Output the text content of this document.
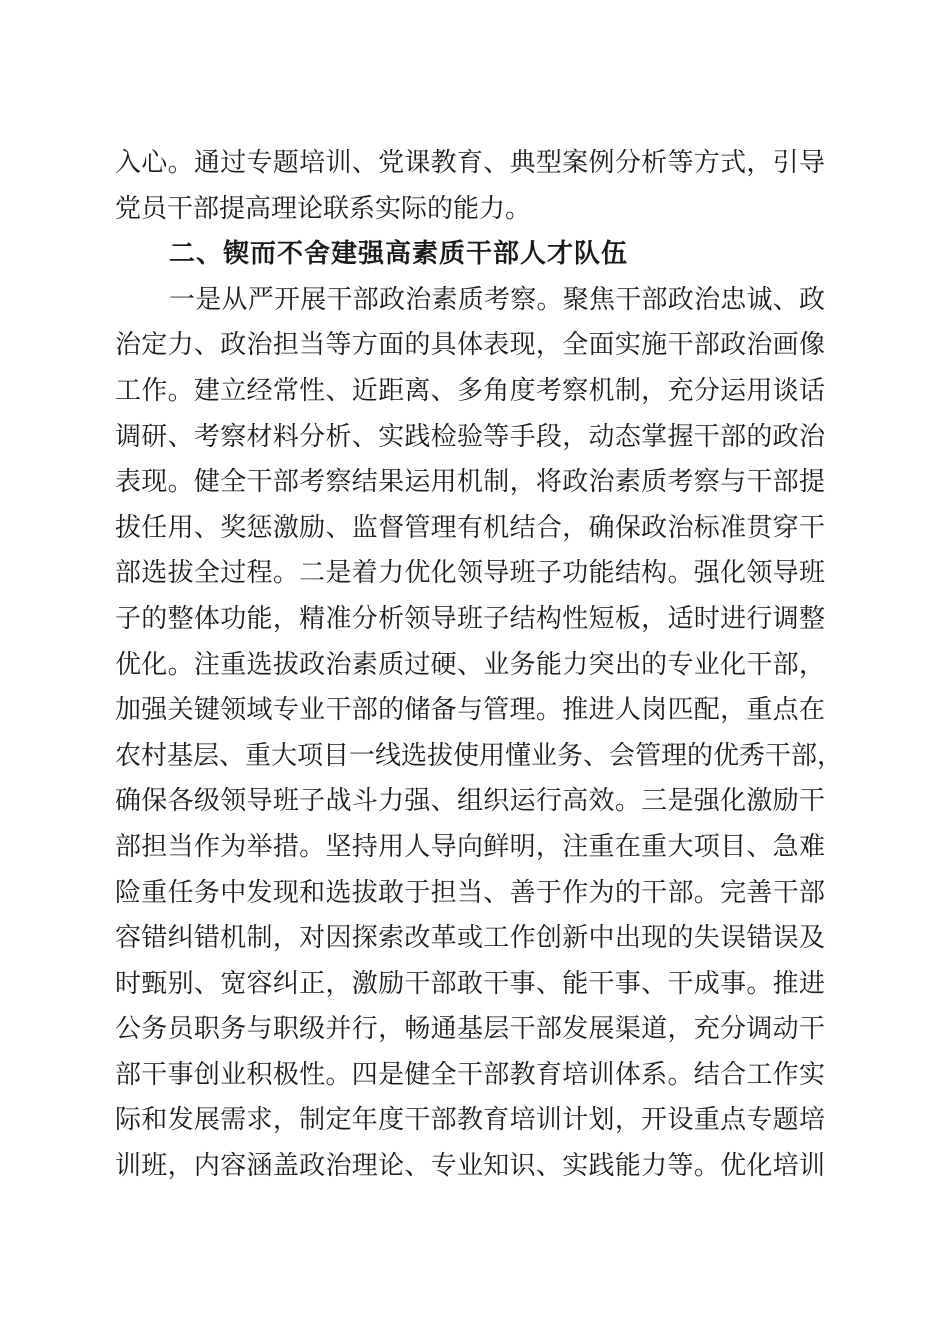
入心。通过专题培训、党课教育、典型案例分析等方式，引导
党员干部提高理论联系实际的能力。
二、锲而不舍建强高素质干部人才队伍
一是从严开展干部政治素质考察。聚焦干部政治忠诚、政
治定力、政治担当等方面的具体表现，全面实施干部政治画像
工作。建立经常性、近距离、多角度考察机制，充分运用谈话
调研、考察材料分析、实践检验等手段，动态掌握干部的政治
表现。健全干部考察结果运用机制，将政治素质考察与干部提
拔任用、奖惩激励、监督管理有机结合，确保政治标准贯穿干
部选拔全过程。二是着力优化领导班子功能结构。强化领导班
子的整体功能，精准分析领导班子结构性短板，适时进行调整
优化。注重选拔政治素质过硬、业务能力突出的专业化干部，
加强关键领域专业干部的储备与管理。推进人岗匹配，重点在
农村基层、重大项目一线选拔使用懂业务、会管理的优秀干部，
确保各级领导班子战斗力强、组织运行高效。三是强化激励干
部担当作为举措。坚持用人导向鲜明，注重在重大项目、急难
险重任务中发现和选拔敢于担当、善于作为的干部。完善干部
容错纠错机制，对因探索改革或工作创新中出现的失误错误及
时甄别、宽容纠正，激励干部敢干事、能干事、干成事。推进
公务员职务与职级并行，畅通基层干部发展渠道，充分调动干
部干事创业积极性。四是健全干部教育培训体系。结合工作实
际和发展需求，制定年度干部教育培训计划，开设重点专题培
训班，内容涵盖政治理论、专业知识、实践能力等。优化培训
